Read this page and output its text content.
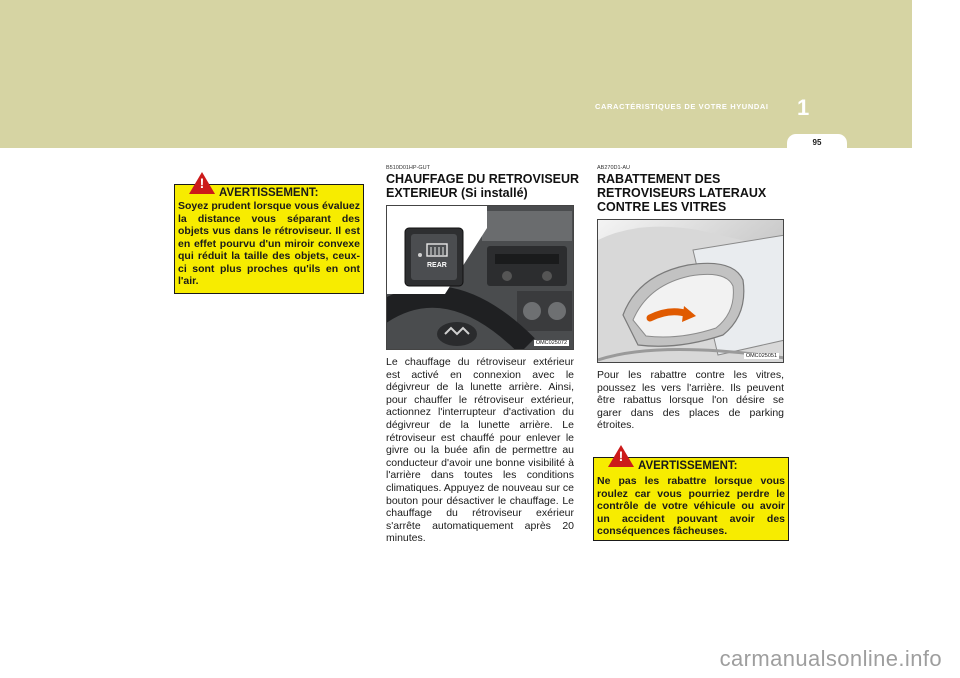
CARACTÉRISTIQUES DE VOTRE HYUNDAI 1
95
!
AVERTISSEMENT:
Soyez prudent lorsque vous évaluez la distance vous séparant des objets vus dans le rétroviseur. Il est en effet pourvu d'un miroir convexe qui réduit la taille des objets, ceux-ci sont plus proches qu'ils en ont l'air.
B510D01HP-GUT
CHAUFFAGE DU RETROVISEUR
EXTERIEUR (Si installé)
REAR
OMC025072
Le chauffage du rétroviseur extérieur est activé en connexion avec le dégivreur de la lunette arrière. Ainsi, pour chauffer le rétroviseur extérieur, actionnez l'interrupteur d'activation du dégivreur de la lunette arrière. Le rétroviseur est chauffé pour enlever le givre ou la buée afin de permettre au conducteur d'avoir une bonne visibilité à l'arrière dans toutes les conditions climatiques. Appuyez de nouveau sur ce bouton pour désactiver le chauffage. Le chauffage du rétroviseur exérieur s'arrête automatiquement après 20 minutes.
AB270D1-AU
RABATTEMENT DES
RETROVISEURS LATERAUX
CONTRE LES VITRES
OMC025051
Pour les rabattre contre les vitres, poussez les vers l'arrière. Ils peuvent être rabattus lorsque l'on désire se garer dans des places de parking étroites.
!
AVERTISSEMENT:
Ne pas les rabattre lorsque vous roulez car vous pourriez perdre le contrôle de votre véhicule ou avoir un accident pouvant avoir des conséquences fâcheuses.
carmanualsonline.info
